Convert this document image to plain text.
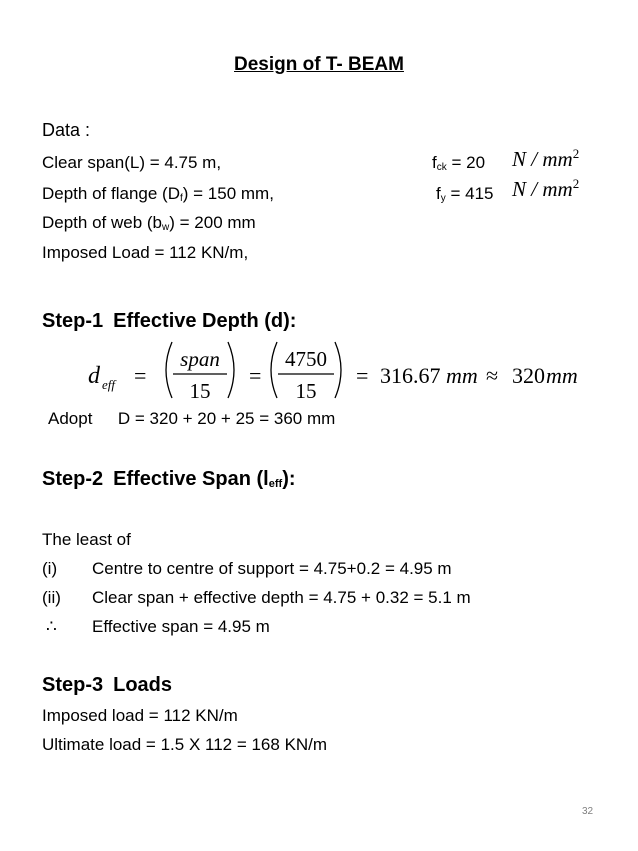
Design of T- BEAM
Data :
Clear span(L) = 4.75 m,	$f_{ck} = 20$ N / $mm^2$
Depth of flange $(D_f) = 150$ mm,	$f_y = 415$ N / $mm^2$
Depth of web $(b_w) = 200$ mm
Imposed Load = 112 KN/m,
Step-1 Effective Depth (d):
d eff =
span
15
=
4750
15
= 316.67 mm ≈ 320 mm
Adopt D = 320 + 20 + 25 = 360 mm
Step-2 Effective Span $(l_{eff})$:
The least of
(i) Centre to centre of support = 4.75+0.2 = 4.95 m
(ii) Clear span + effective depth = 4.75 + 0.32 = 5.1 m
∴ Effective span = 4.95 m
Step-3 Loads
Imposed load = 112 KN/m
Ultimate load = 1.5 X 112 = 168 KN/m
32
